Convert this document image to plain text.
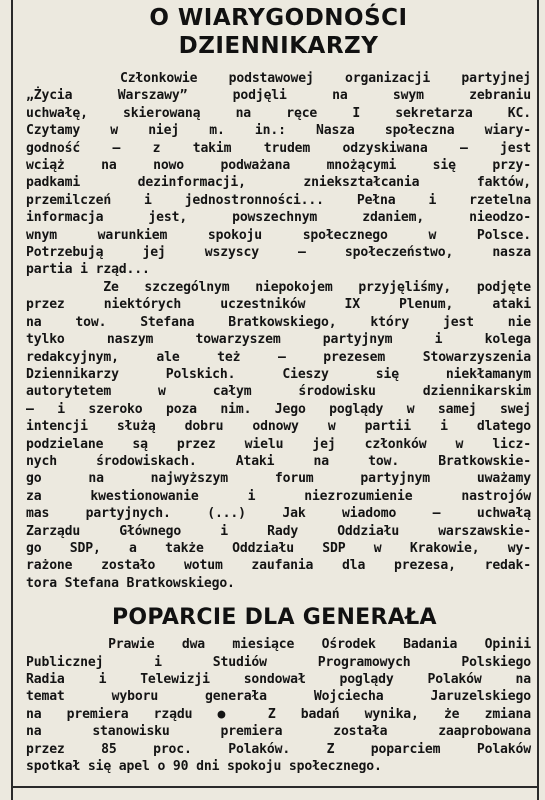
O WIARYGODNOŚCI
DZIENNIKARZY

Członkowie podstawowej organizacji partyjnej
„Życia Warszawy” podjęli na swym zebraniu
uchwałę, skierowaną na ręce I sekretarza KC.
Czytamy w niej m. in.: Nasza społeczna wiary-
godność — z takim trudem odzyskiwana — jest
wciąż na nowo podważana mnożącymi się przy-
padkami dezinformacji, zniekształcania faktów,
przemilczeń i jednostronności... Pełna i rzetelna
informacja jest, powszechnym zdaniem, nieodzo-
wnym warunkiem spokoju społecznego w Polsce.
Potrzebują jej wszyscy — społeczeństwo, nasza
partia i rząd...

Ze szczególnym niepokojem przyjęliśmy, podjęte
przez niektórych uczestników IX Plenum, ataki
na tow. Stefana Bratkowskiego, który jest nie
tylko naszym towarzyszem partyjnym i kolega
redakcyjnym, ale też — prezesem Stowarzyszenia
Dziennikarzy Polskich. Cieszy się niekłamanym
autorytetem w całym środowisku dziennikarskim
— i szeroko poza nim. Jego poglądy w samej swej
intencji służą dobru odnowy w partii i dlatego
podzielane są przez wielu jej członków w licz-
nych środowiskach. Ataki na tow. Bratkowskie-
go na najwyższym forum partyjnym uważamy
za kwestionowanie i niezrozumienie nastrojów
mas partyjnych. (...) Jak wiadomo — uchwałą
Zarządu Głównego i Rady Oddziału warszawskie-
go SDP, a także Oddziału SDP w Krakowie, wy-
rażone zostało wotum zaufania dla prezesa, redak-
tora Stefana Bratkowskiego.

POPARCIE DLA GENERAŁA

Prawie dwa miesiące Ośrodek Badania Opinii
Publicznej i Studiów Programowych Polskiego
Radia i Telewizji sondował poglądy Polaków na
temat wyboru generała Wojciecha Jaruzelskiego
na premiera rządu ● Z badań wynika, że zmiana
na stanowisku premiera została zaaprobowana
przez 85 proc. Polaków. Z poparciem Polaków
spotkał się apel o 90 dni spokoju społecznego.
